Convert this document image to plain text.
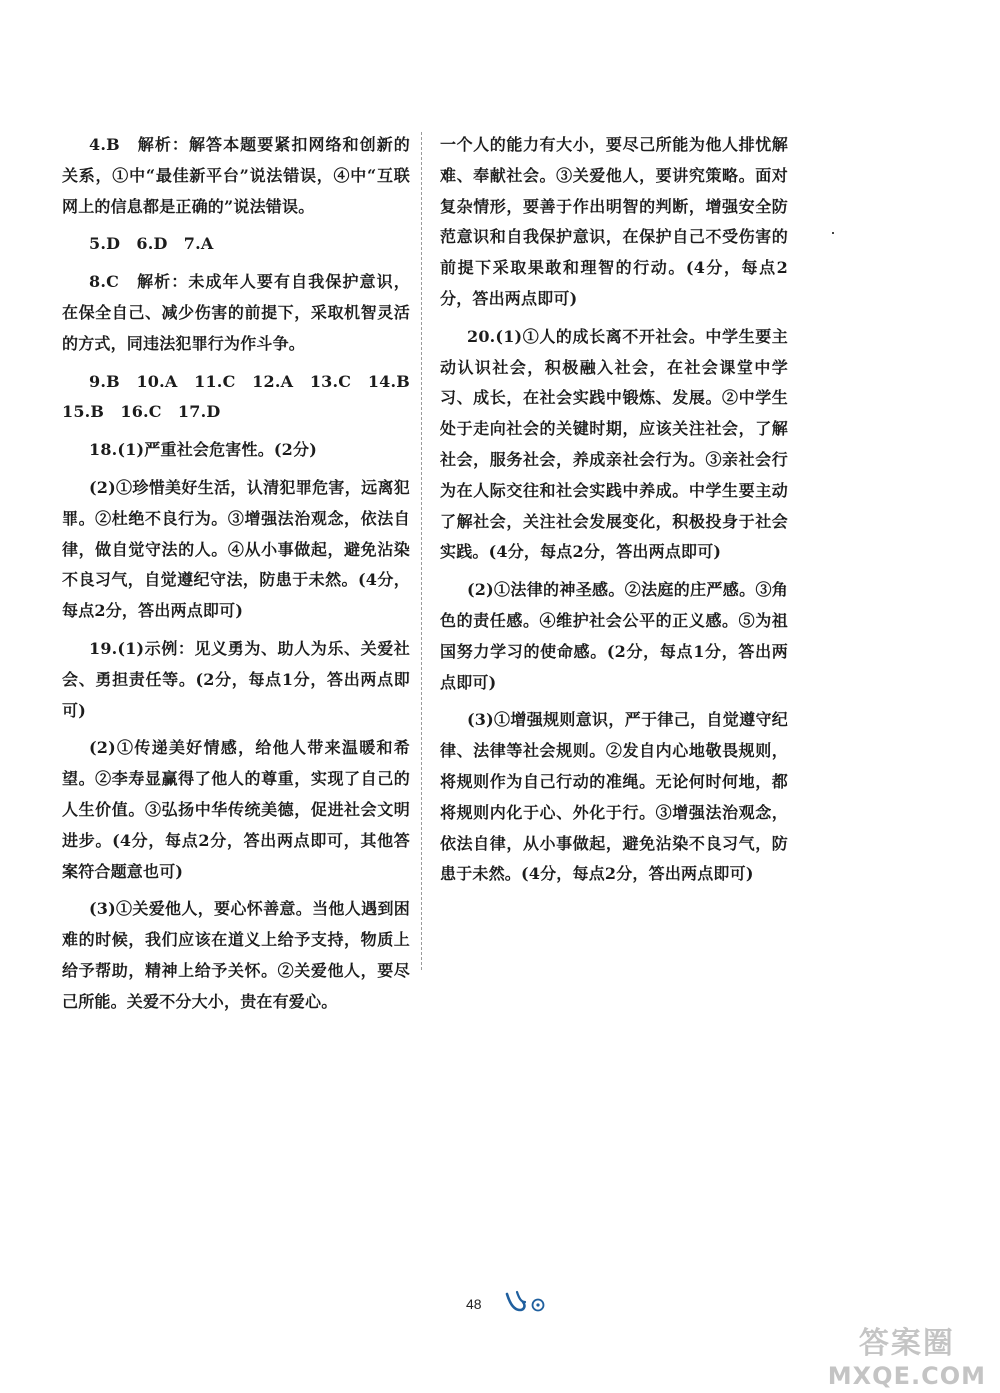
4.B　解析：解答本题要紧扣网络和创新的关系，①中“最佳新平台”说法错误，④中“互联网上的信息都是正确的”说法错误。

5.D　6.D　7.A

8.C　解析：未成年人要有自我保护意识，在保全自己、减少伤害的前提下，采取机智灵活的方式，同违法犯罪行为作斗争。

9.B　10.A　11.C　12.A　13.C　14.B　15.B　16.C　17.D

18.(1)严重社会危害性。(2分)

(2)①珍惜美好生活，认清犯罪危害，远离犯罪。②杜绝不良行为。③增强法治观念，依法自律，做自觉守法的人。④从小事做起，避免沾染不良习气，自觉遵纪守法，防患于未然。(4分，每点2分，答出两点即可)

19.(1)示例：见义勇为、助人为乐、关爱社会、勇担责任等。(2分，每点1分，答出两点即可)

(2)①传递美好情感，给他人带来温暖和希望。②李寿显赢得了他人的尊重，实现了自己的人生价值。③弘扬中华传统美德，促进社会文明进步。(4分，每点2分，答出两点即可，其他答案符合题意也可)

(3)①关爱他人，要心怀善意。当他人遇到困难的时候，我们应该在道义上给予支持，物质上给予帮助，精神上给予关怀。②关爱他人，要尽己所能。关爱不分大小，贵在有爱心。

一个人的能力有大小，要尽己所能为他人排忧解难、奉献社会。③关爱他人，要讲究策略。面对复杂情形，要善于作出明智的判断，增强安全防范意识和自我保护意识，在保护自己不受伤害的前提下采取果敢和理智的行动。(4分，每点2分，答出两点即可)

20.(1)①人的成长离不开社会。中学生要主动认识社会，积极融入社会，在社会课堂中学习、成长，在社会实践中锻炼、发展。②中学生处于走向社会的关键时期，应该关注社会，了解社会，服务社会，养成亲社会行为。③亲社会行为在人际交往和社会实践中养成。中学生要主动了解社会，关注社会发展变化，积极投身于社会实践。(4分，每点2分，答出两点即可)

(2)①法律的神圣感。②法庭的庄严感。③角色的责任感。④维护社会公平的正义感。⑤为祖国努力学习的使命感。(2分，每点1分，答出两点即可)

(3)①增强规则意识，严于律己，自觉遵守纪律、法律等社会规则。②发自内心地敬畏规则，将规则作为自己行动的准绳。无论何时何地，都将规则内化于心、外化于行。③增强法治观念，依法自律，从小事做起，避免沾染不良习气，防患于未然。(4分，每点2分，答出两点即可)

48
答案圈
MXQE.COM
